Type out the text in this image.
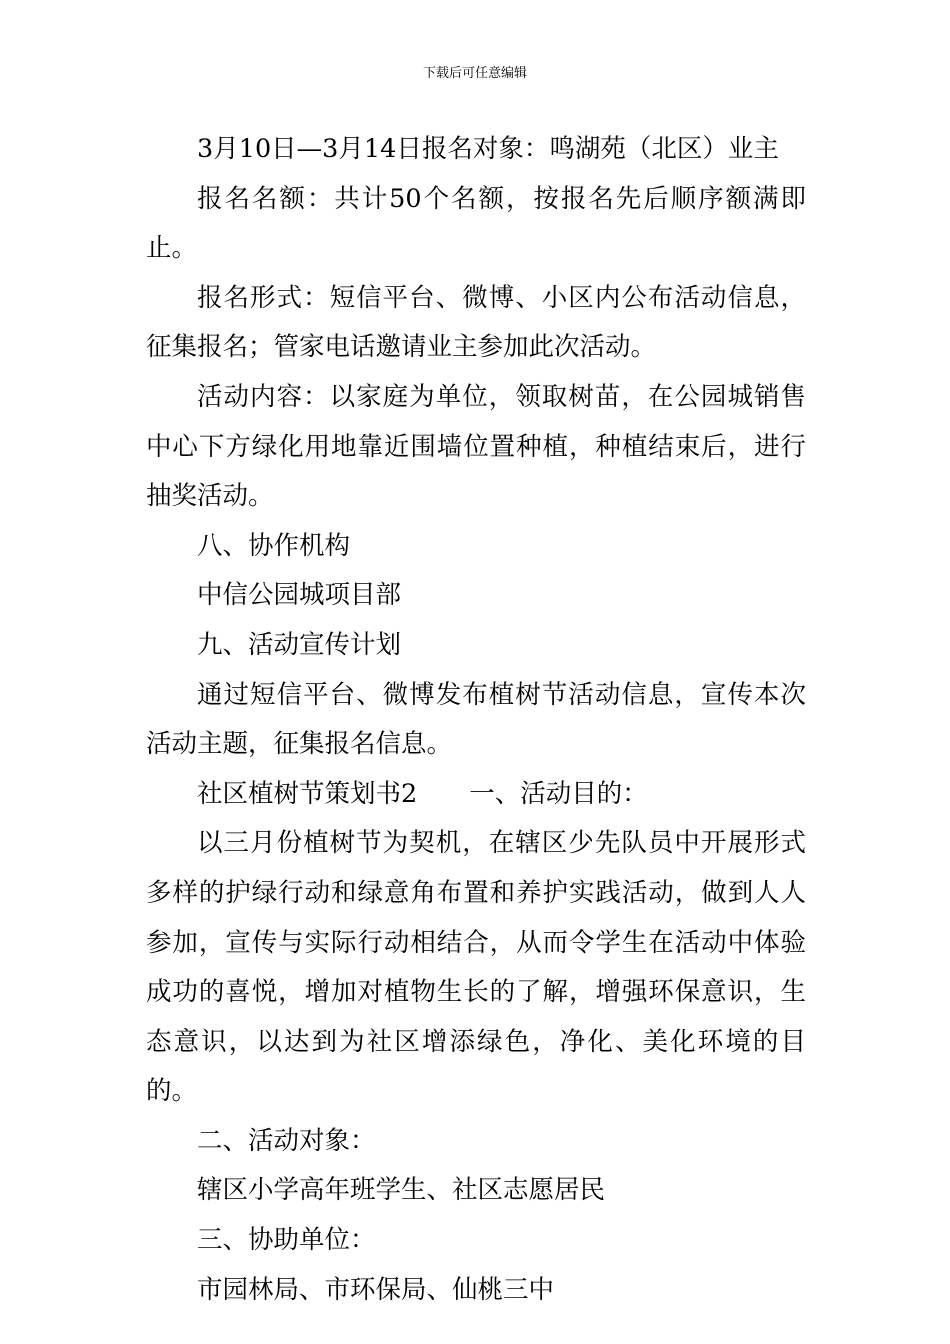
下载后可任意编辑

3月10日—3月14日报名对象：鸣湖苑（北区）业主

报名名额：共计50个名额，按报名先后顺序额满即止。

报名形式：短信平台、微博、小区内公布活动信息，征集报名；管家电话邀请业主参加此次活动。

活动内容：以家庭为单位，领取树苗，在公园城销售中心下方绿化用地靠近围墙位置种植，种植结束后，进行抽奖活动。

八、协作机构

中信公园城项目部

九、活动宣传计划

通过短信平台、微博发布植树节活动信息，宣传本次活动主题，征集报名信息。

社区植树节策划书2 一、活动目的：

以三月份植树节为契机，在辖区少先队员中开展形式多样的护绿行动和绿意角布置和养护实践活动，做到人人参加，宣传与实际行动相结合，从而令学生在活动中体验成功的喜悦，增加对植物生长的了解，增强环保意识，生态意识，以达到为社区增添绿色，净化、美化环境的目的。

二、活动对象：

辖区小学高年班学生、社区志愿居民

三、协助单位：

市园林局、市环保局、仙桃三中
